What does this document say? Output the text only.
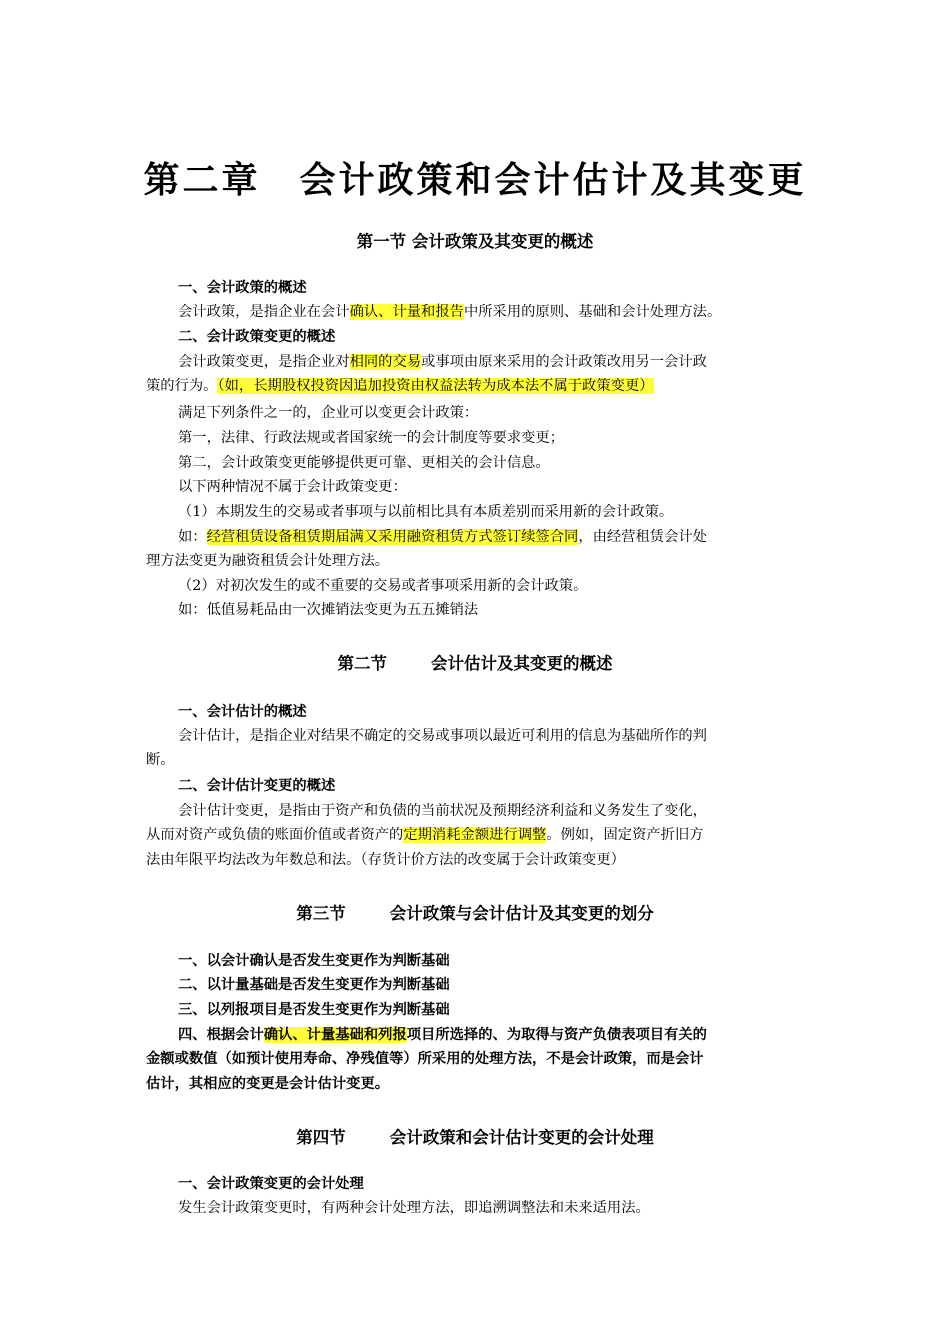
第二章　会计政策和会计估计及其变更
第一节 会计政策及其变更的概述

一、会计政策的概述

会计政策，是指企业在会计确认、计量和报告中所采用的原则、基础和会计处理方法。

二、会计政策变更的概述

会计政策变更，是指企业对相同的交易或事项由原来采用的会计政策改用另一会计政

策的行为。（如，长期股权投资因追加投资由权益法转为成本法不属于政策变更）

满足下列条件之一的，企业可以变更会计政策：

第一，法律、行政法规或者国家统一的会计制度等要求变更；

第二，会计政策变更能够提供更可靠、更相关的会计信息。

以下两种情况不属于会计政策变更：

（1）本期发生的交易或者事项与以前相比具有本质差别而采用新的会计政策。

如：经营租赁设备租赁期届满又采用融资租赁方式签订续签合同，由经营租赁会计处

理方法变更为融资租赁会计处理方法。

（2）对初次发生的或不重要的交易或者事项采用新的会计政策。

如：低值易耗品由一次摊销法变更为五五摊销法

第二节	会计估计及其变更的概述

一、会计估计的概述

会计估计，是指企业对结果不确定的交易或事项以最近可利用的信息为基础所作的判

断。

二、会计估计变更的概述

会计估计变更，是指由于资产和负债的当前状况及预期经济利益和义务发生了变化，

从而对资产或负债的账面价值或者资产的定期消耗金额进行调整。例如，固定资产折旧方

法由年限平均法改为年数总和法。（存货计价方法的改变属于会计政策变更）

第三节	会计政策与会计估计及其变更的划分

一、以会计确认是否发生变更作为判断基础

二、以计量基础是否发生变更作为判断基础

三、以列报项目是否发生变更作为判断基础

四、根据会计确认、计量基础和列报项目所选择的、为取得与资产负债表项目有关的

金额或数值（如预计使用寿命、净残值等）所采用的处理方法，不是会计政策，而是会计

估计，其相应的变更是会计估计变更。

第四节	会计政策和会计估计变更的会计处理

一、会计政策变更的会计处理

发生会计政策变更时，有两种会计处理方法，即追溯调整法和未来适用法。
